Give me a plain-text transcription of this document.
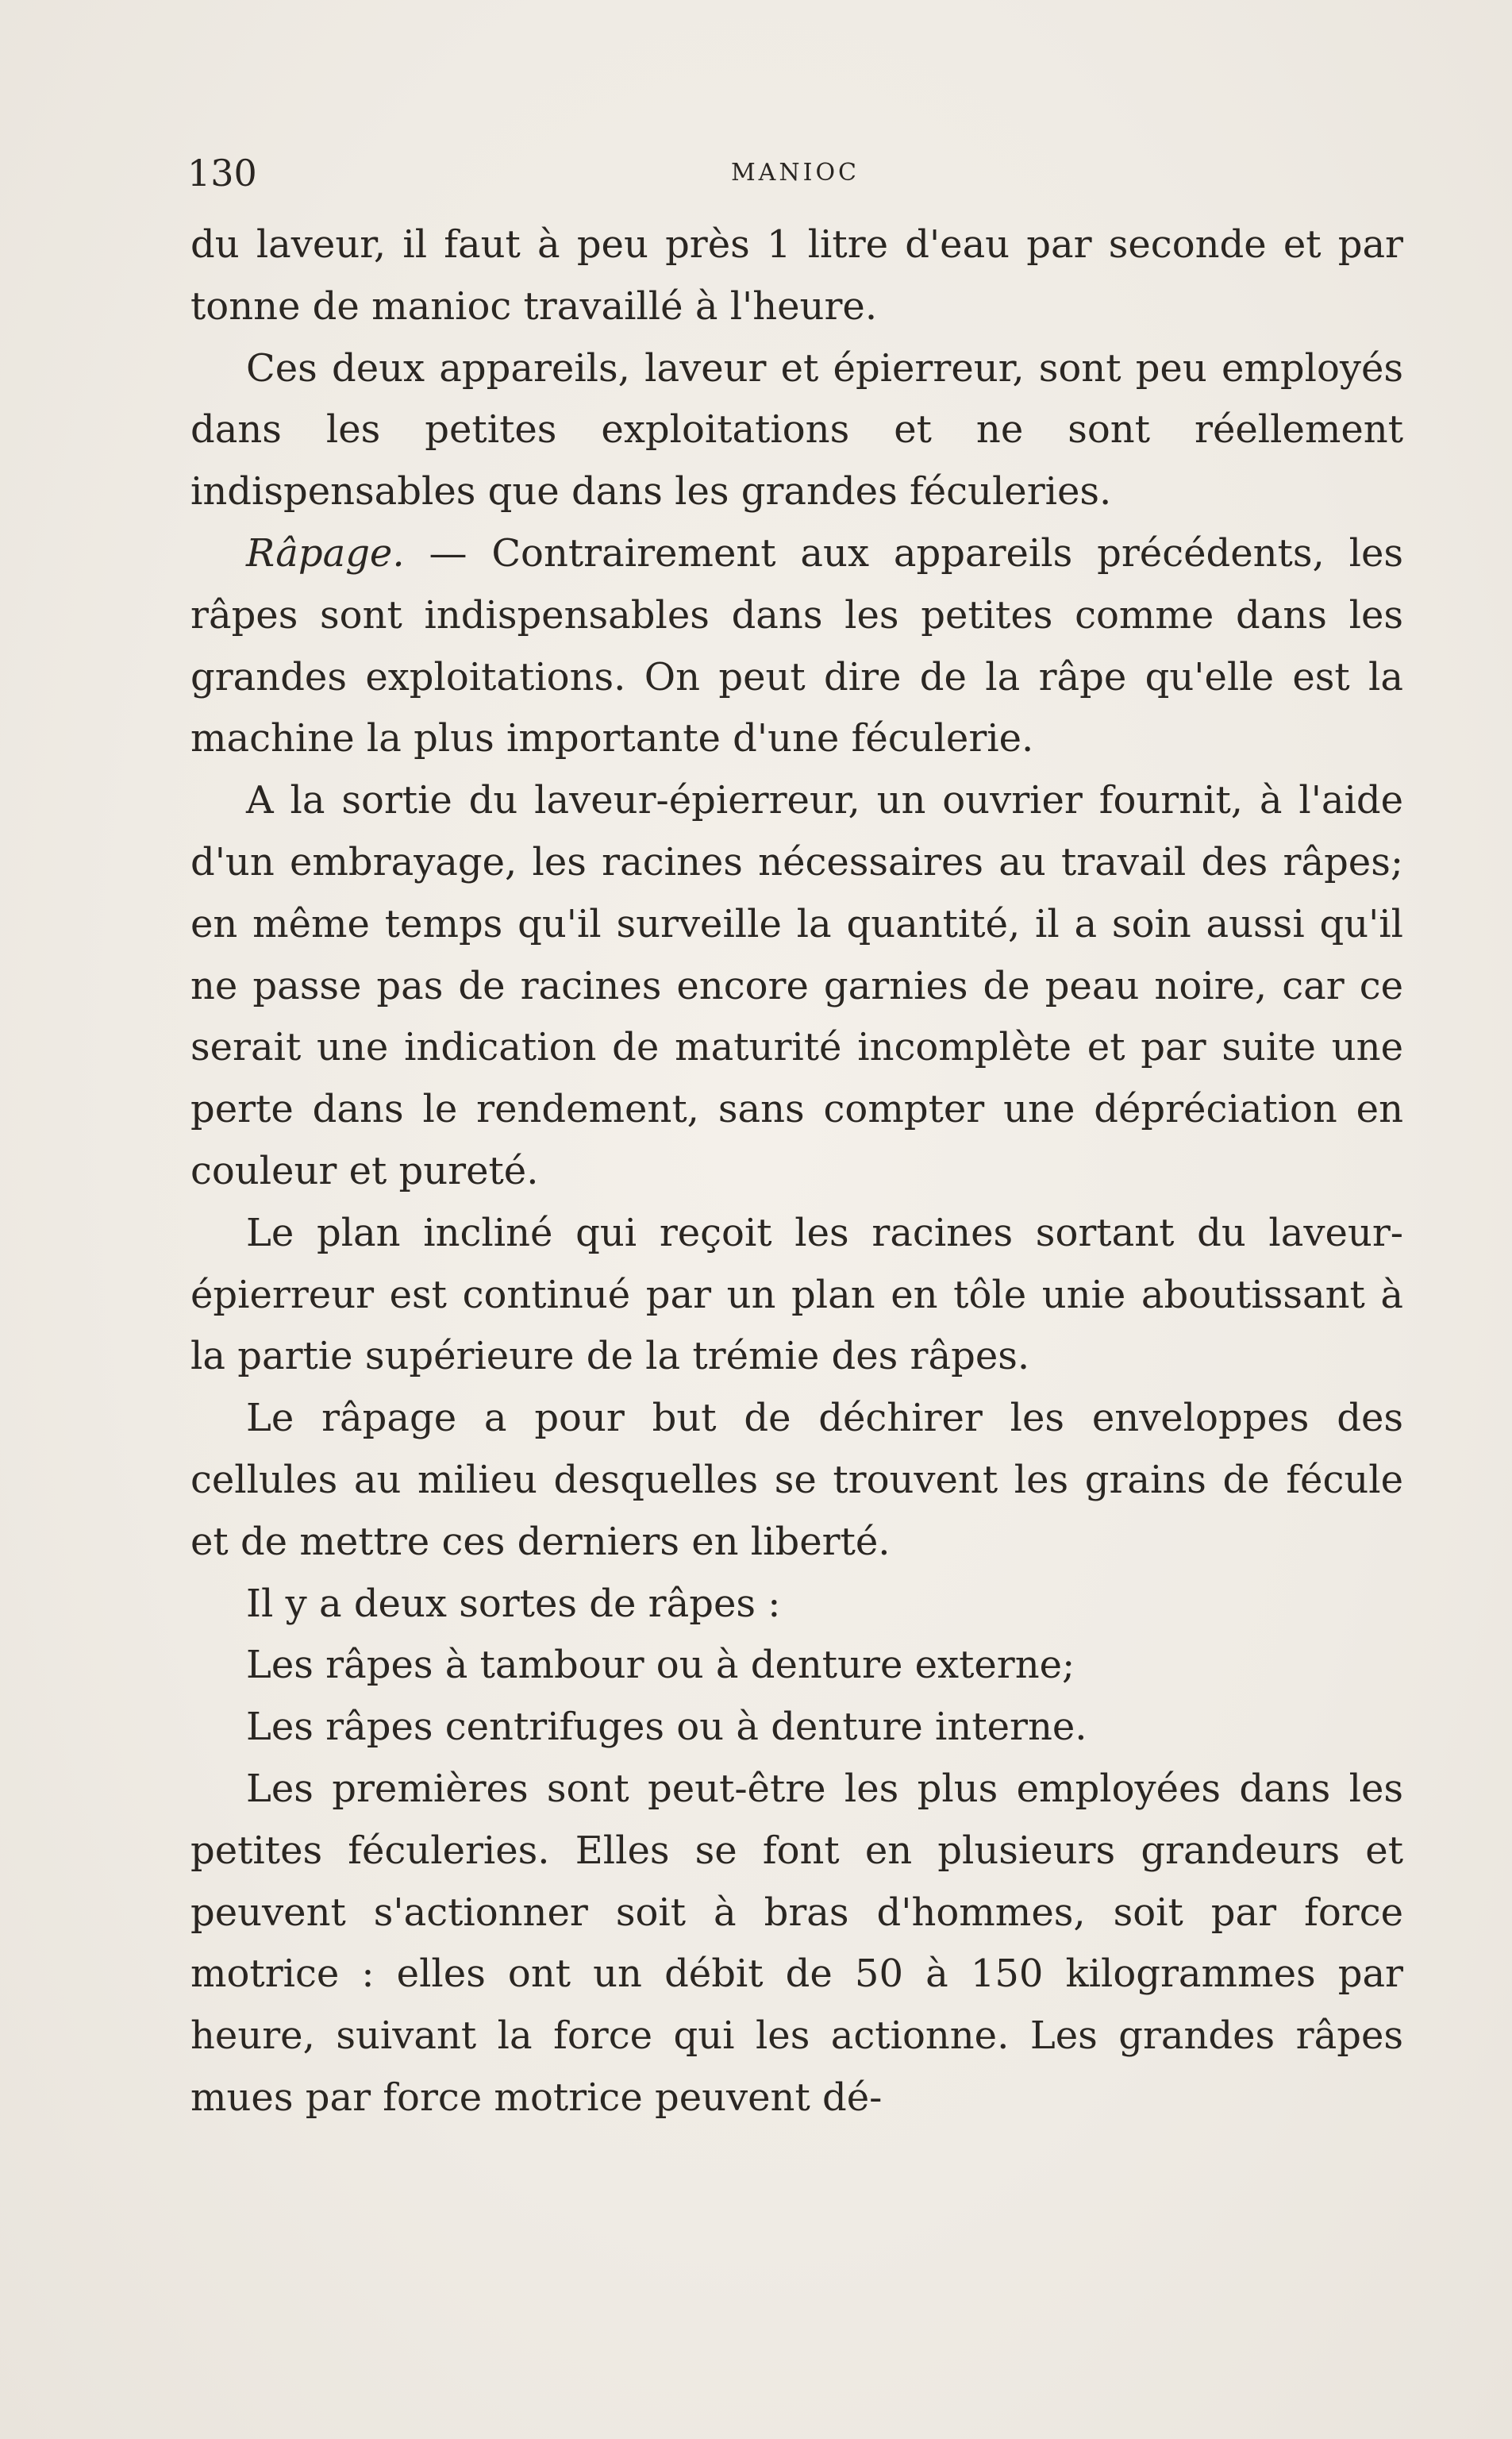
130	MANIOC

du laveur, il faut à peu près 1 litre d'eau par seconde et par tonne de manioc travaillé à l'heure.

Ces deux appareils, laveur et épierreur, sont peu employés dans les petites exploitations et ne sont réellement indispensables que dans les grandes féculeries.

Râpage. — Contrairement aux appareils précédents, les râpes sont indispensables dans les petites comme dans les grandes exploitations. On peut dire de la râpe qu'elle est la machine la plus importante d'une féculerie.

A la sortie du laveur-épierreur, un ouvrier fournit, à l'aide d'un embrayage, les racines nécessaires au travail des râpes; en même temps qu'il surveille la quantité, il a soin aussi qu'il ne passe pas de racines encore garnies de peau noire, car ce serait une indication de maturité incomplète et par suite une perte dans le rendement, sans compter une dépréciation en couleur et pureté.

Le plan incliné qui reçoit les racines sortant du laveur-épierreur est continué par un plan en tôle unie aboutissant à la partie supérieure de la trémie des râpes.

Le râpage a pour but de déchirer les enveloppes des cellules au milieu desquelles se trouvent les grains de fécule et de mettre ces derniers en liberté.

Il y a deux sortes de râpes :

Les râpes à tambour ou à denture externe;

Les râpes centrifuges ou à denture interne.

Les premières sont peut-être les plus employées dans les petites féculeries. Elles se font en plusieurs grandeurs et peuvent s'actionner soit à bras d'hommes, soit par force motrice : elles ont un débit de 50 à 150 kilogrammes par heure, suivant la force qui les actionne. Les grandes râpes mues par force motrice peuvent dé-
